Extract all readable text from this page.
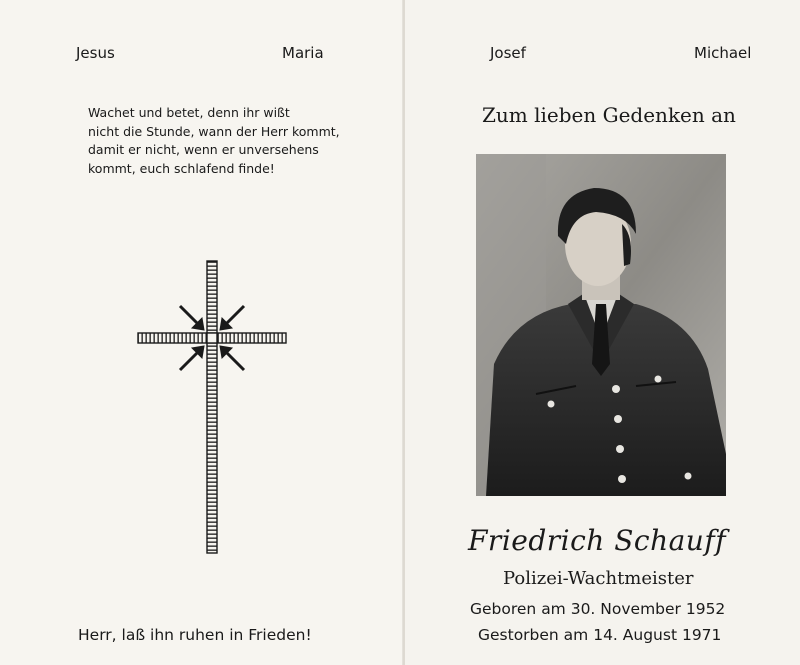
Jesus	Maria
Wachet und betet, denn ihr wißt
nicht die Stunde, wann der Herr kommt,
damit er nicht, wenn er unversehens
kommt, euch schlafend finde!
Herr, laß ihn ruhen in Frieden!
Josef	Michael
Zum lieben Gedenken an
Friedrich Schauff
Polizei-Wachtmeister
Geboren am 30. November 1952
Gestorben am 14. August 1971
